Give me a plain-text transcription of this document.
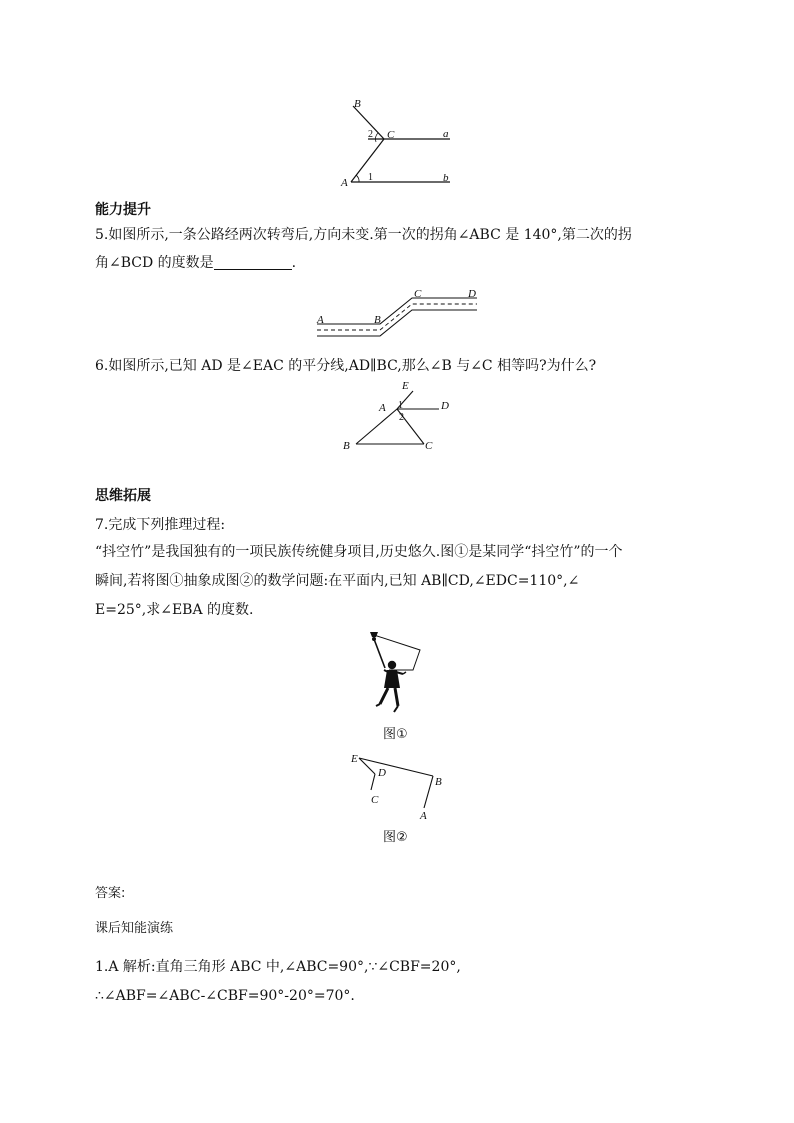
B
2 C	a
A 1	b
能力提升
5.如图所示,一条公路经两次转弯后,方向未变.第一次的拐角∠ABC 是 140°,第二次的拐
角∠BCD 的度数是	.
A	B
C	D
6.如图所示,已知 AD 是∠EAC 的平分线,AD∥BC,那么∠B 与∠C 相等吗?为什么?
E
A 1
2
D
B	C
思维拓展
7.完成下列推理过程:
“抖空竹”是我国独有的一项民族传统健身项目,历史悠久.图①是某同学“抖空竹”的一个
瞬间,若将图①抽象成图②的数学问题:在平面内,已知 AB∥CD,∠EDC=110°,∠
E=25°,求∠EBA 的度数.
图①
E
D
C
B
A
图②
答案:
课后知能演练
1.A 解析:直角三角形 ABC 中,∠ABC=90°,∵∠CBF=20°,
∴∠ABF=∠ABC-∠CBF=90°-20°=70°.
